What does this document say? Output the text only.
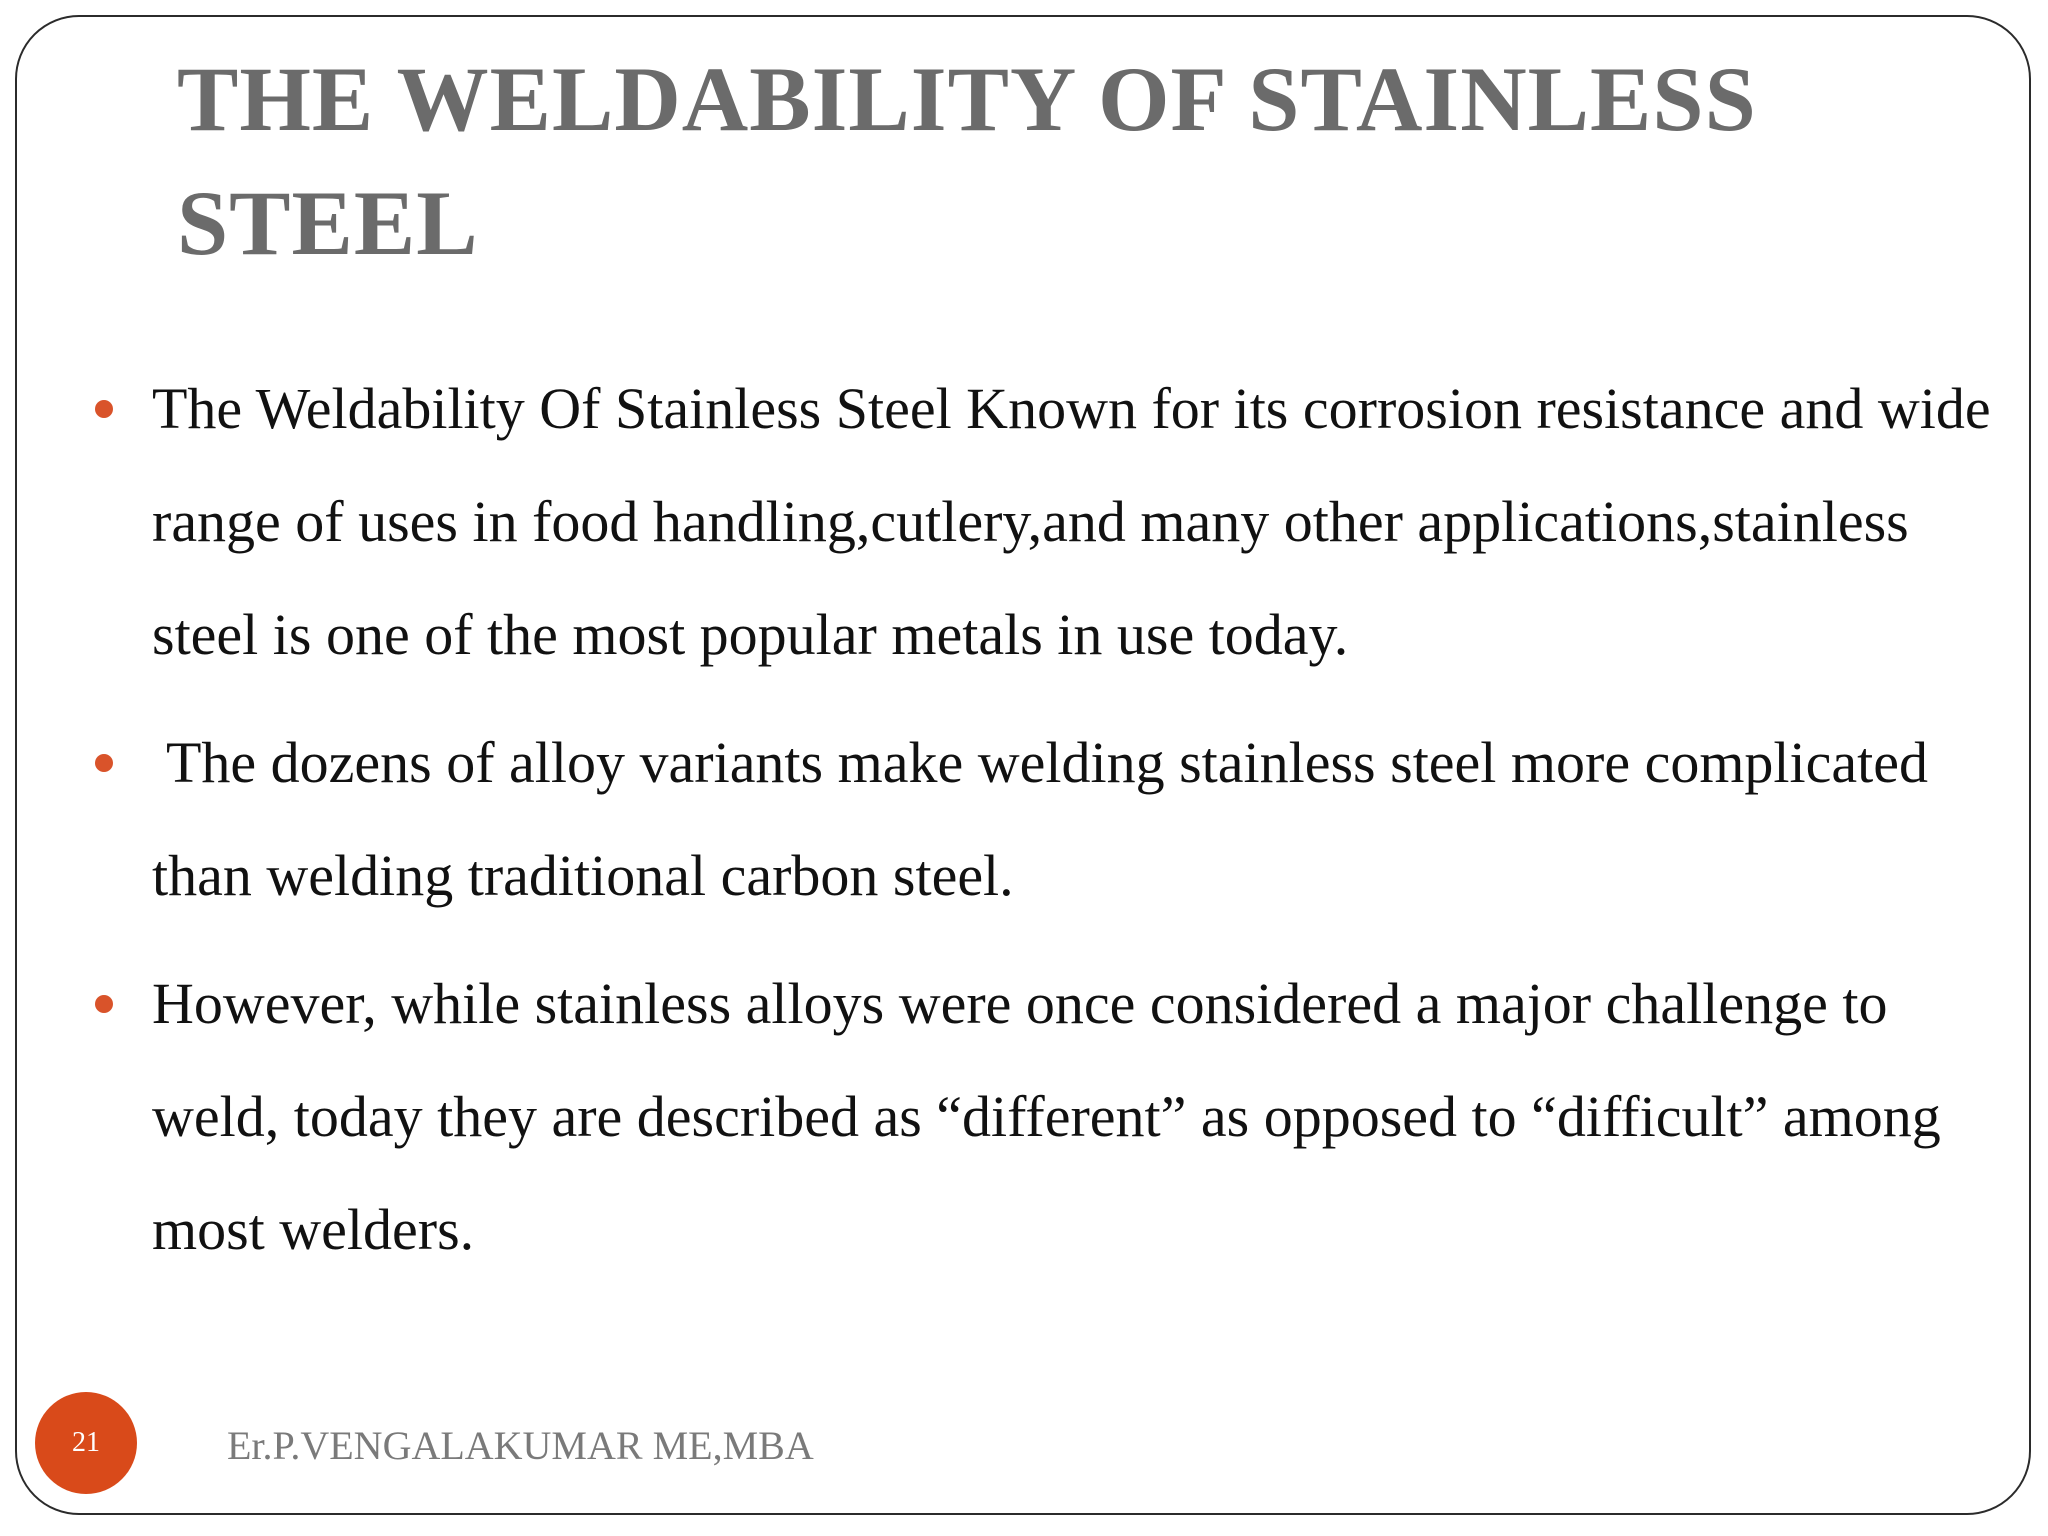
THE WELDABILITY OF STAINLESS STEEL
The Weldability Of Stainless Steel Known for its corrosion resistance and wide range of uses in food handling,cutlery,and many other applications,stainless steel is one of the most popular metals in use today.
The dozens of alloy variants make welding stainless steel more complicated than welding traditional carbon steel.
However, while stainless alloys were once considered a major challenge to weld, today they are described as “different” as opposed to “difficult” among most welders.
21	Er.P.VENGALAKUMAR ME,MBA
